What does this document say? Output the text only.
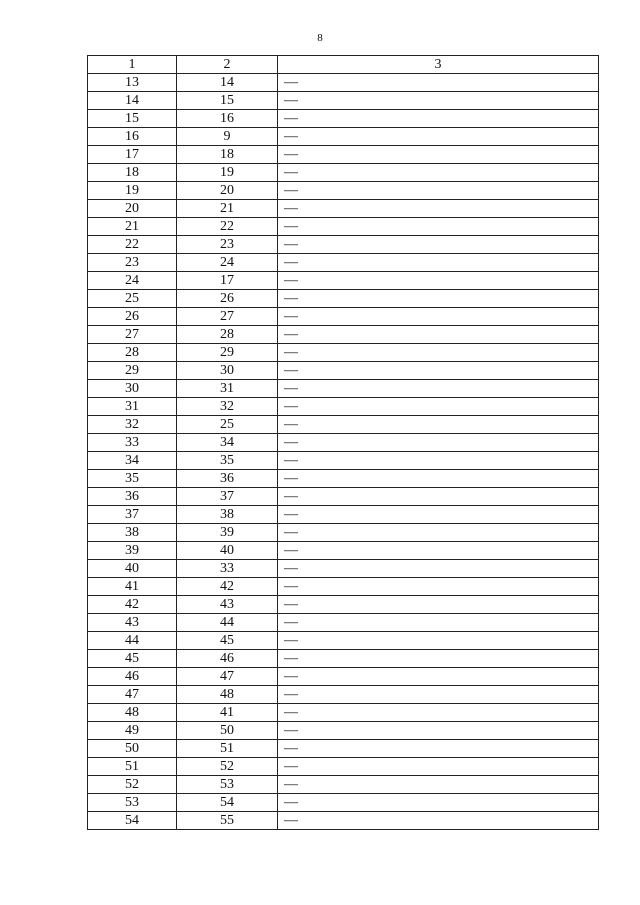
8
1	2	3
13	14	—
14	15	—
15	16	—
16	9	—
17	18	—
18	19	—
19	20	—
20	21	—
21	22	—
22	23	—
23	24	—
24	17	—
25	26	—
26	27	—
27	28	—
28	29	—
29	30	—
30	31	—
31	32	—
32	25	—
33	34	—
34	35	—
35	36	—
36	37	—
37	38	—
38	39	—
39	40	—
40	33	—
41	42	—
42	43	—
43	44	—
44	45	—
45	46	—
46	47	—
47	48	—
48	41	—
49	50	—
50	51	—
51	52	—
52	53	—
53	54	—
54	55	—
